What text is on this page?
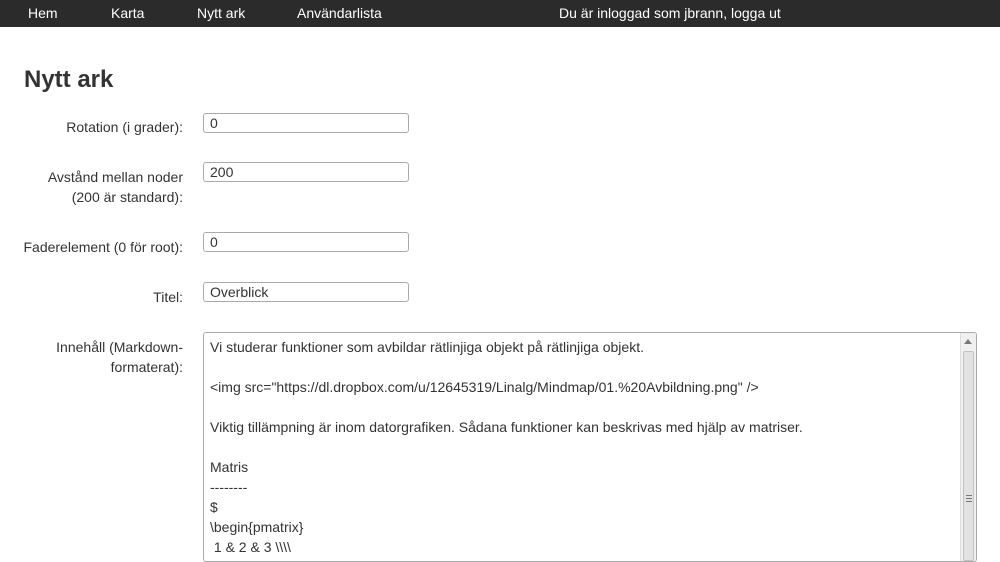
Hem	Karta	Nytt ark	Användarlista	Du är inloggad som jbrann, logga ut
Nytt ark
Rotation (i grader):
0
Avstånd mellan noder
(200 är standard):
200
Faderelement (0 för root):
0
Titel:
Overblick
Innehåll (Markdown-
formaterat):
Vi studerar funktioner som avbildar rätlinjiga objekt på rätlinjiga objekt.

<img src="https://dl.dropbox.com/u/12645319/Linalg/Mindmap/01.%20Avbildning.png" />

Viktig tillämpning är inom datorgrafiken. Sådana funktioner kan beskrivas med hjälp av matriser.

Matris
--------
$
\begin{pmatrix}
1 & 2 & 3 \\\\
